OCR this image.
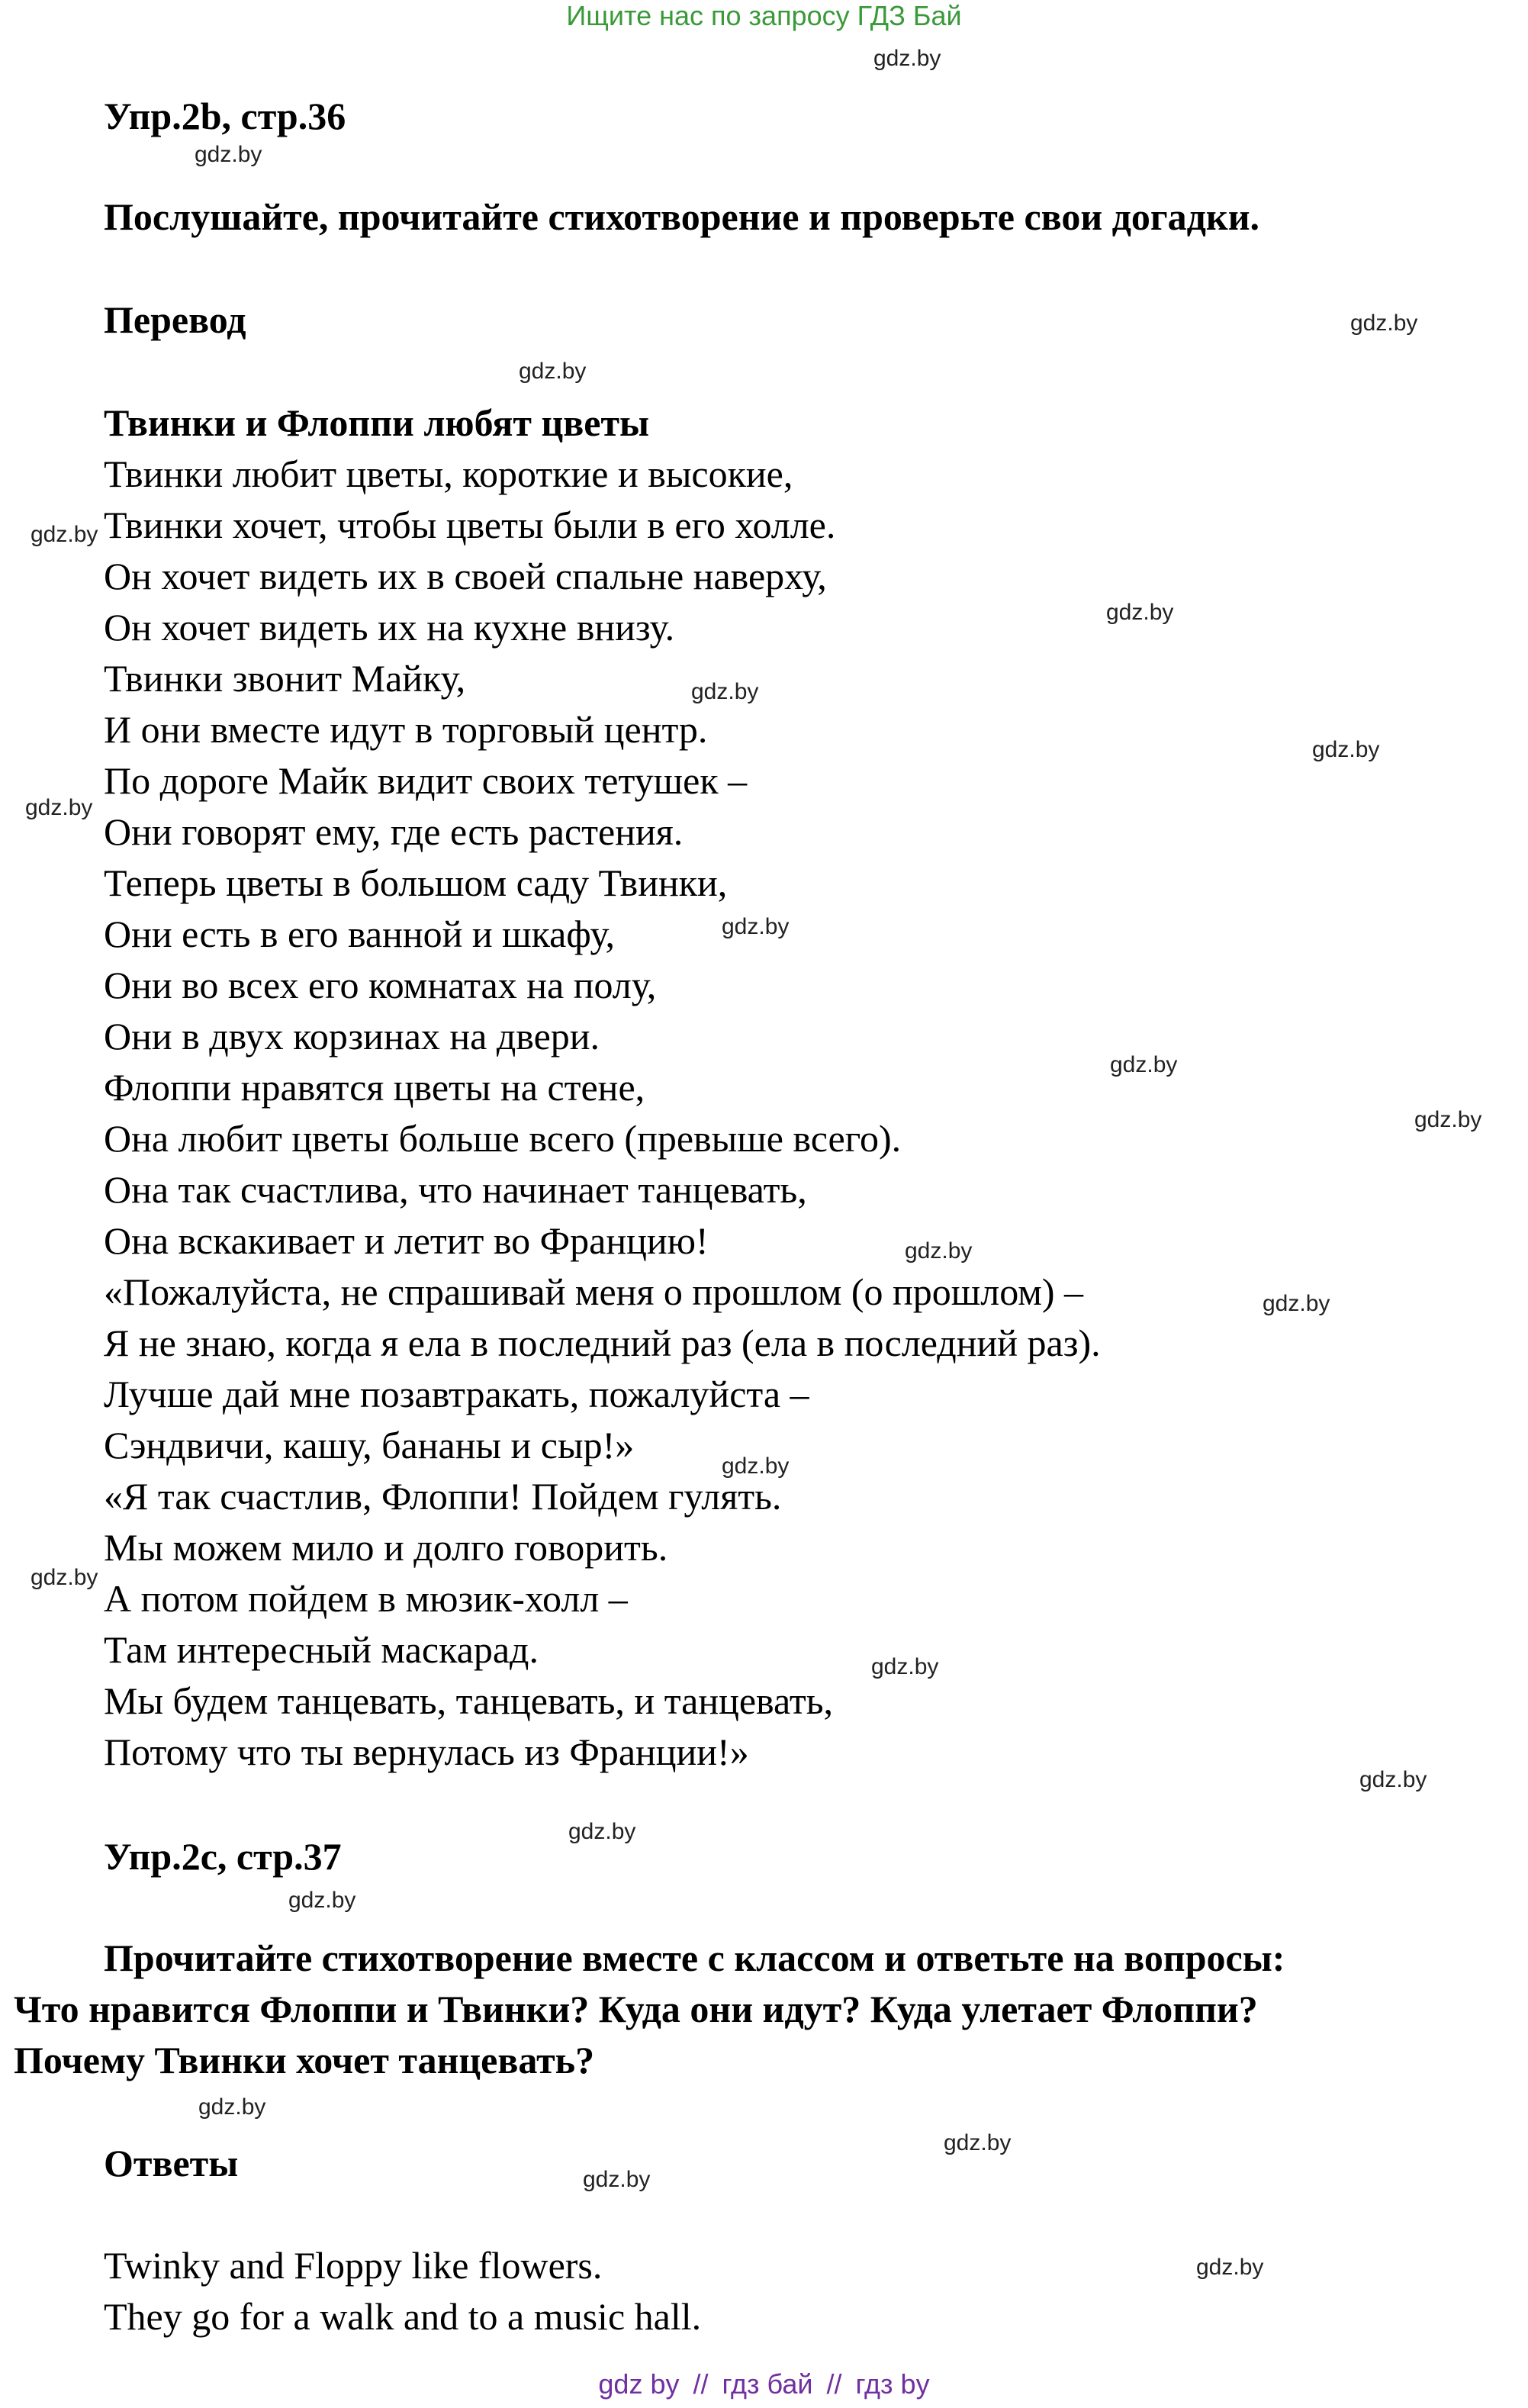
Ищите нас по запросу ГДЗ Бай
Упр.2b, стр.36
Послушайте, прочитайте стихотворение и проверьте свои догадки.
Перевод
Твинки и Флоппи любят цветы
Твинки любит цветы, короткие и высокие,
Твинки хочет, чтобы цветы были в его холле.
Он хочет видеть их в своей спальне наверху,
Он хочет видеть их на кухне внизу.
Твинки звонит Майку,
И они вместе идут в торговый центр.
По дороге Майк видит своих тетушек –
Они говорят ему, где есть растения.
Теперь цветы в большом саду Твинки,
Они есть в его ванной и шкафу,
Они во всех его комнатах на полу,
Они в двух корзинах на двери.
Флоппи нравятся цветы на стене,
Она любит цветы больше всего (превыше всего).
Она так счастлива, что начинает танцевать,
Она вскакивает и летит во Францию!
«Пожалуйста, не спрашивай меня о прошлом (о прошлом) –
Я не знаю, когда я ела в последний раз (ела в последний раз).
Лучше дай мне позавтракать, пожалуйста –
Сэндвичи, кашу, бананы и сыр!»
«Я так счастлив, Флоппи! Пойдем гулять.
Мы можем мило и долго говорить.
А потом пойдем в мюзик-холл –
Там интересный маскарад.
Мы будем танцевать, танцевать, и танцевать,
Потому что ты вернулась из Франции!»
Упр.2c, стр.37
Прочитайте стихотворение вместе с классом и ответьте на вопросы:
Что нравится Флоппи и Твинки? Куда они идут? Куда улетает Флоппи?
Почему Твинки хочет танцевать?
Ответы
Twinky and Floppy like flowers.
They go for a walk and to a music hall.
gdz.by
gdz.by
gdz.by
gdz.by
gdz.by
gdz.by
gdz.by
gdz.by
gdz.by
gdz.by
gdz.by
gdz.by
gdz.by
gdz.by
gdz.by
gdz.by
gdz.by
gdz.by
gdz.by
gdz.by
gdz.by
gdz.by
gdz.by
gdz.by
gdz by // гдз бай // гдз by
